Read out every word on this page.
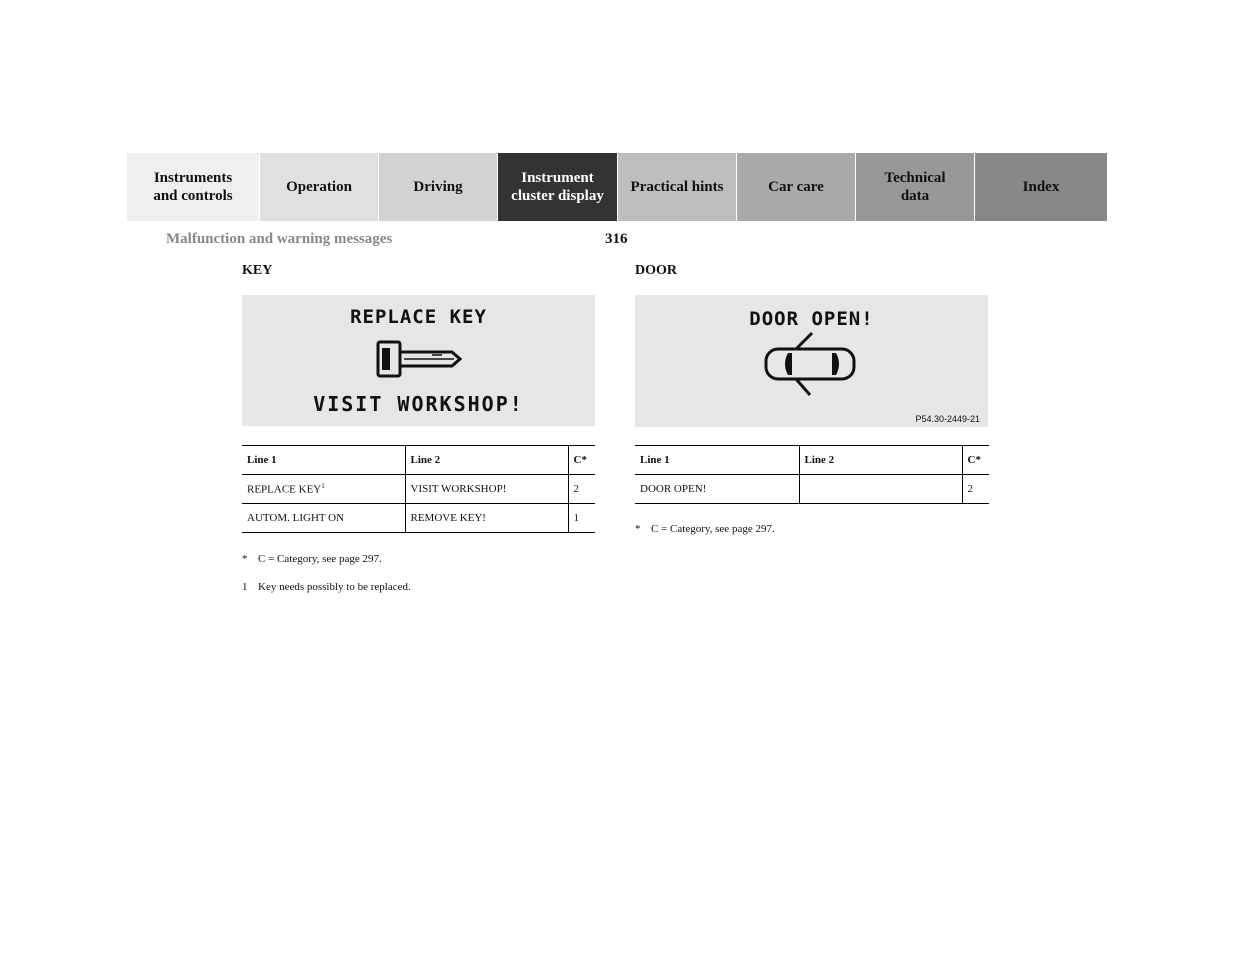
Instruments
and controls
Operation	Driving
Instrument
cluster display
Practical hints	Car care
Technical
data
Index
Malfunction and warning messages	316
KEY
REPLACE KEY
VISIT WORKSHOP!
Line 1	Line 2	C*
REPLACE KEY$^1$	VISIT WORKSHOP!	2
AUTOM. LIGHT ON	REMOVE KEY!	1
* C = Category, see page 297.
1 Key needs possibly to be replaced.
DOOR
DOOR OPEN!
P54.30-2449-21
Line 1	Line 2	C*
DOOR OPEN!		2
* C = Category, see page 297.
